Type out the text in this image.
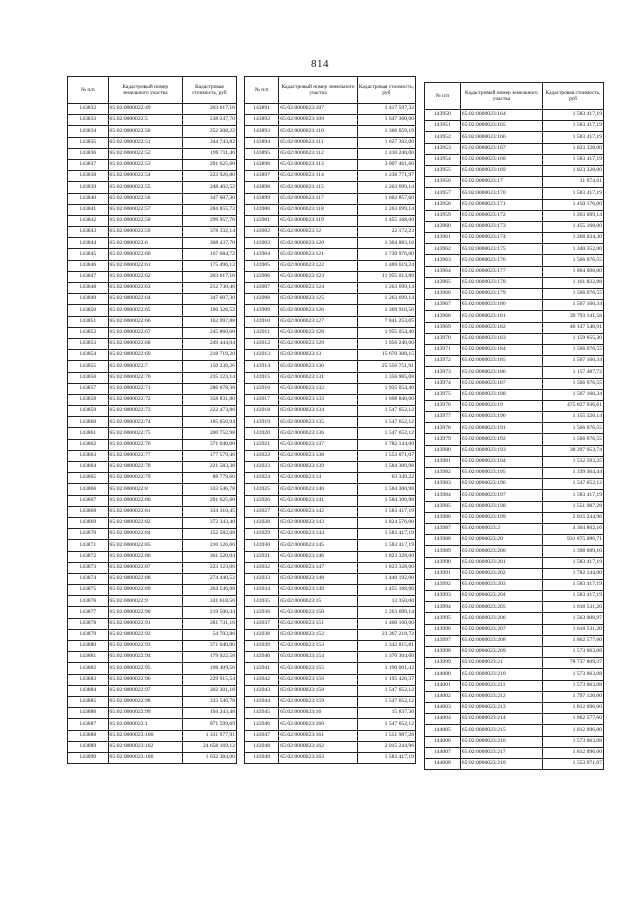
814
№ п/п	Кадастровый номер земельного участка	Кадастровая стоимость, руб
143832	65:02:0000022:49	203 617,16
143833	65:02:0000022:5	238 247,70
143834	65:02:0000022:50	252 308,22
143835	65:02:0000022:51	344 743,82
143836	65:02:0000022:52	199 711,46
143837	65:02:0000022:53	291 625,60
143838	65:02:0000022:54	223 926,80
143839	65:02:0000022:55	248 402,52
143840	65:02:0000022:56	347 607,30
143841	65:02:0000022:57	284 855,72
143842	65:02:0000022:58	299 957,76
143843	65:02:0000022:59	378 332,14
143844	65:02:0000022:6	368 437,70
143845	65:02:0000022:60	167 684,72
143846	65:02:0000022:61	175 496,12
143847	65:02:0000022:62	203 617,16
143848	65:02:0000022:63	212 730,46
143849	65:02:0000022:64	347 607,30
143850	65:02:0000022:65	196 326,52
143851	65:02:0000022:66	162 997,88
143852	65:02:0000022:67	245 860,60
143853	65:02:0000022:68	249 444,04
143854	65:02:0000022:69	218 719,20
143855	65:02:0000022:7	150 239,26
143856	65:02:0000022:70	235 123,14
143857	65:02:0000022:71	286 678,38
143858	65:02:0000022:72	358 831,80
143859	65:02:0000022:73	222 473,86
143860	65:02:0000022:74	185 650,94
143861	65:02:0000022:75	200 752,98
143862	65:02:0000022:76	371 040,00
143863	65:02:0000022:77	177 579,46
143864	65:02:0000022:78	221 583,38
143865	65:02:0000022:79	88 779,60
143866	65:02:0000022:8	333 546,78
143867	65:02:0000022:80	291 625,60
143868	65:02:0000022:81	334 310,45
143869	65:02:0000022:82	372 343,40
143870	65:02:0000022:84	152 582,68
143871	65:02:0000022:85	210 126,66
143872	65:02:0000022:86	301 520,04
143873	65:02:0000022:87	223 123,06
143874	65:02:0000022:88	274 440,52
143875	65:02:0000022:89	264 546,08
143876	65:02:0000022:9	341 618,56
143877	65:02:0000022:90	219 500,34
143878	65:02:0000022:91	281 731,16
143879	65:02:0000022:92	54 703,86
143880	65:02:0000022:93	371 040,00
143881	65:02:0000022:94	179 922,58
143882	65:02:0000022:95	198 409,56
143883	65:02:0000022:96	229 915,54
143884	65:02:0000022:97	302 301,18
143885	65:02:0000022:98	333 546,78
143886	65:02:0000022:99	194 243,48
143887	65:02:0000023:1	871 599,69
143888	65:02:0000023:100	1 331 977,91
143889	65:02:0000023:102	24 658 169,12
143890	65:02:0000023:106	1 632 384,00
№ п/п	Кадастровый номер земельного участка	Кадастровая стоимость, руб
143891	65:02:0000023:107	1 417 597,32
143892	65:02:0000023:109	1 647 360,00
143893	65:02:0000023:110	1 366 659,19
143894	65:02:0000023:111	1 627 392,00
143895	65:02:0000023:112	1 410 240,00
143896	65:02:0000023:113	3 007 461,60
143897	65:02:0000023:114	1 238 771,97
143898	65:02:0000023:115	1 263 699,14
143899	65:02:0000023:117	1 602 857,60
143900	65:02:0000023:118	1 263 699,14
143901	65:02:0000023:119	1 455 168,00
143902	65:02:0000023:12	22 172,23
143903	65:02:0000023:120	1 304 883,16
143904	65:02:0000023:121	1 730 976,00
143905	65:02:0000023:122	1 469 619,24
143906	65:02:0000023:123	11 955 013,89
143907	65:02:0000023:124	1 263 699,14
143908	65:02:0000023:125	1 263 699,14
143909	65:02:0000023:126	1 369 910,56
143910	65:02:0000023:127	7 841 253,05
143911	65:02:0000023:128	1 955 054,40
143912	65:02:0000023:129	1 956 240,00
143913	65:02:0000023:13	15 670 308,15
143914	65:02:0000023:130	25 556 751,91
143915	65:02:0000023:131	1 356 905,08
143916	65:02:0000023:132	1 935 054,40
143917	65:02:0000023:133	1 698 840,00
143918	65:02:0000023:134	1 547 652,12
143919	65:02:0000023:135	1 547 652,12
143920	65:02:0000023:136	1 547 652,12
143921	65:02:0000023:137	1 782 144,00
143922	65:02:0000023:138	1 553 071,07
143923	65:02:0000023:139	1 584 300,98
143924	65:02:0000023:14	63 349,22
143925	65:02:0000023:140	1 584 300,98
143926	65:02:0000023:141	1 584 300,98
143927	65:02:0000023:142	1 583 417,19
143928	65:02:0000023:143	1 824 576,00
143929	65:02:0000023:144	1 583 417,19
143930	65:02:0000023:145	1 583 417,19
143931	65:02:0000023:146	1 823 328,00
143932	65:02:0000023:147	1 823 328,00
143933	65:02:0000023:148	1 440 192,00
143934	65:02:0000023:149	1 455 168,00
143935	65:02:0000023:15	12 350,00
143936	65:02:0000023:150	1 263 699,14
143937	65:02:0000023:151	1 460 160,00
143938	65:02:0000023:152	23 367 218,72
143939	65:02:0000023:153	1 342 815,81
143940	65:02:0000023:154	1 370 304,00
143941	65:02:0000023:155	1 190 001,42
143942	65:02:0000023:156	1 195 420,37
143943	65:02:0000023:158	1 547 652,12
143944	65:02:0000023:159	1 547 652,12
143945	65:02:0000023:16	15 837,30
143946	65:02:0000023:160	1 547 652,12
143947	65:02:0000023:161	1 551 987,28
143948	65:02:0000023:162	2 015 244,96
143949	65:02:0000023:163	1 583 417,19
№ п/п	Кадастровый номер земельного участка	Кадастровая стоимость, руб
143950	65:02:0000023:164	1 583 417,19
143951	65:02:0000023:165	1 583 417,19
143952	65:02:0000023:166	1 583 417,19
143953	65:02:0000023:167	1 823 328,00
143954	65:02:0000023:168	1 583 417,19
143955	65:02:0000023:169	1 823 328,00
143956	65:02:0000023:17	31 674,61
143957	65:02:0000023:170	1 583 417,19
143958	65:02:0000023:171	1 450 176,00
143959	65:02:0000023:172	1 263 699,14
143960	65:02:0000023:173	1 455 168,00
143961	65:02:0000023:174	1 268 034,30
143962	65:02:0000023:175	1 340 352,00
143963	65:02:0000023:176	1 566 076,55
143964	65:02:0000023:177	1 804 608,00
143965	65:02:0000023:178	1 161 822,88
143966	65:02:0000023:179	1 566 076,55
143967	65:02:0000023:180	1 567 160,34
143968	65:02:0000023:181	39 793 141,58
143969	65:02:0000023:182	40 147 540,91
143970	65:02:0000023:183	1 159 655,30
143971	65:02:0000023:184	1 566 076,55
143972	65:02:0000023:185	1 567 160,34
143973	65:02:0000023:186	1 157 487,72
143974	65:02:0000023:187	1 566 076,55
143975	65:02:0000023:188	1 567 160,34
143976	65:02:0000023:19	475 827 036,61
143977	65:02:0000023:190	1 155 320,14
143978	65:02:0000023:191	1 566 076,55
143979	65:02:0000023:192	1 566 076,55
143980	65:02:0000023:193	38 297 953,74
143981	65:02:0000023:194	1 532 593,35
143982	65:02:0000023:195	1 339 364,44
143983	65:02:0000023:196	1 547 652,12
143984	65:02:0000023:197	1 583 417,19
143985	65:02:0000023:198	1 551 987,28
143986	65:02:0000023:199	2 015 244,96
143987	65:02:0000023:2	4 304 862,16
143988	65:02:0000023:20	931 875 086,71
143989	65:02:0000023:200	1 398 089,10
143990	65:02:0000023:201	1 583 417,19
143991	65:02:0000023:202	1 782 144,00
143992	65:02:0000023:203	1 583 417,19
143993	65:02:0000023:204	1 583 417,19
143994	65:02:0000023:205	1 618 531,20
143995	65:02:0000023:206	1 563 908,97
143996	65:02:0000023:207	1 618 531,20
143997	65:02:0000023:208	1 862 577,60
143998	65:02:0000023:209	1 573 663,08
143999	65:02:0000023:21	78 737 809,37
144000	65:02:0000023:210	1 573 663,08
144001	65:02:0000023:211	1 573 663,08
144002	65:02:0000023:212	1 797 120,00
144003	65:02:0000023:213	1 812 096,00
144004	65:02:0000023:214	1 862 577,60
144005	65:02:0000023:215	1 812 096,00
144006	65:02:0000023:216	1 573 663,08
144007	65:02:0000023:217	1 812 096,00
144008	65:02:0000023:218	1 553 071,07
